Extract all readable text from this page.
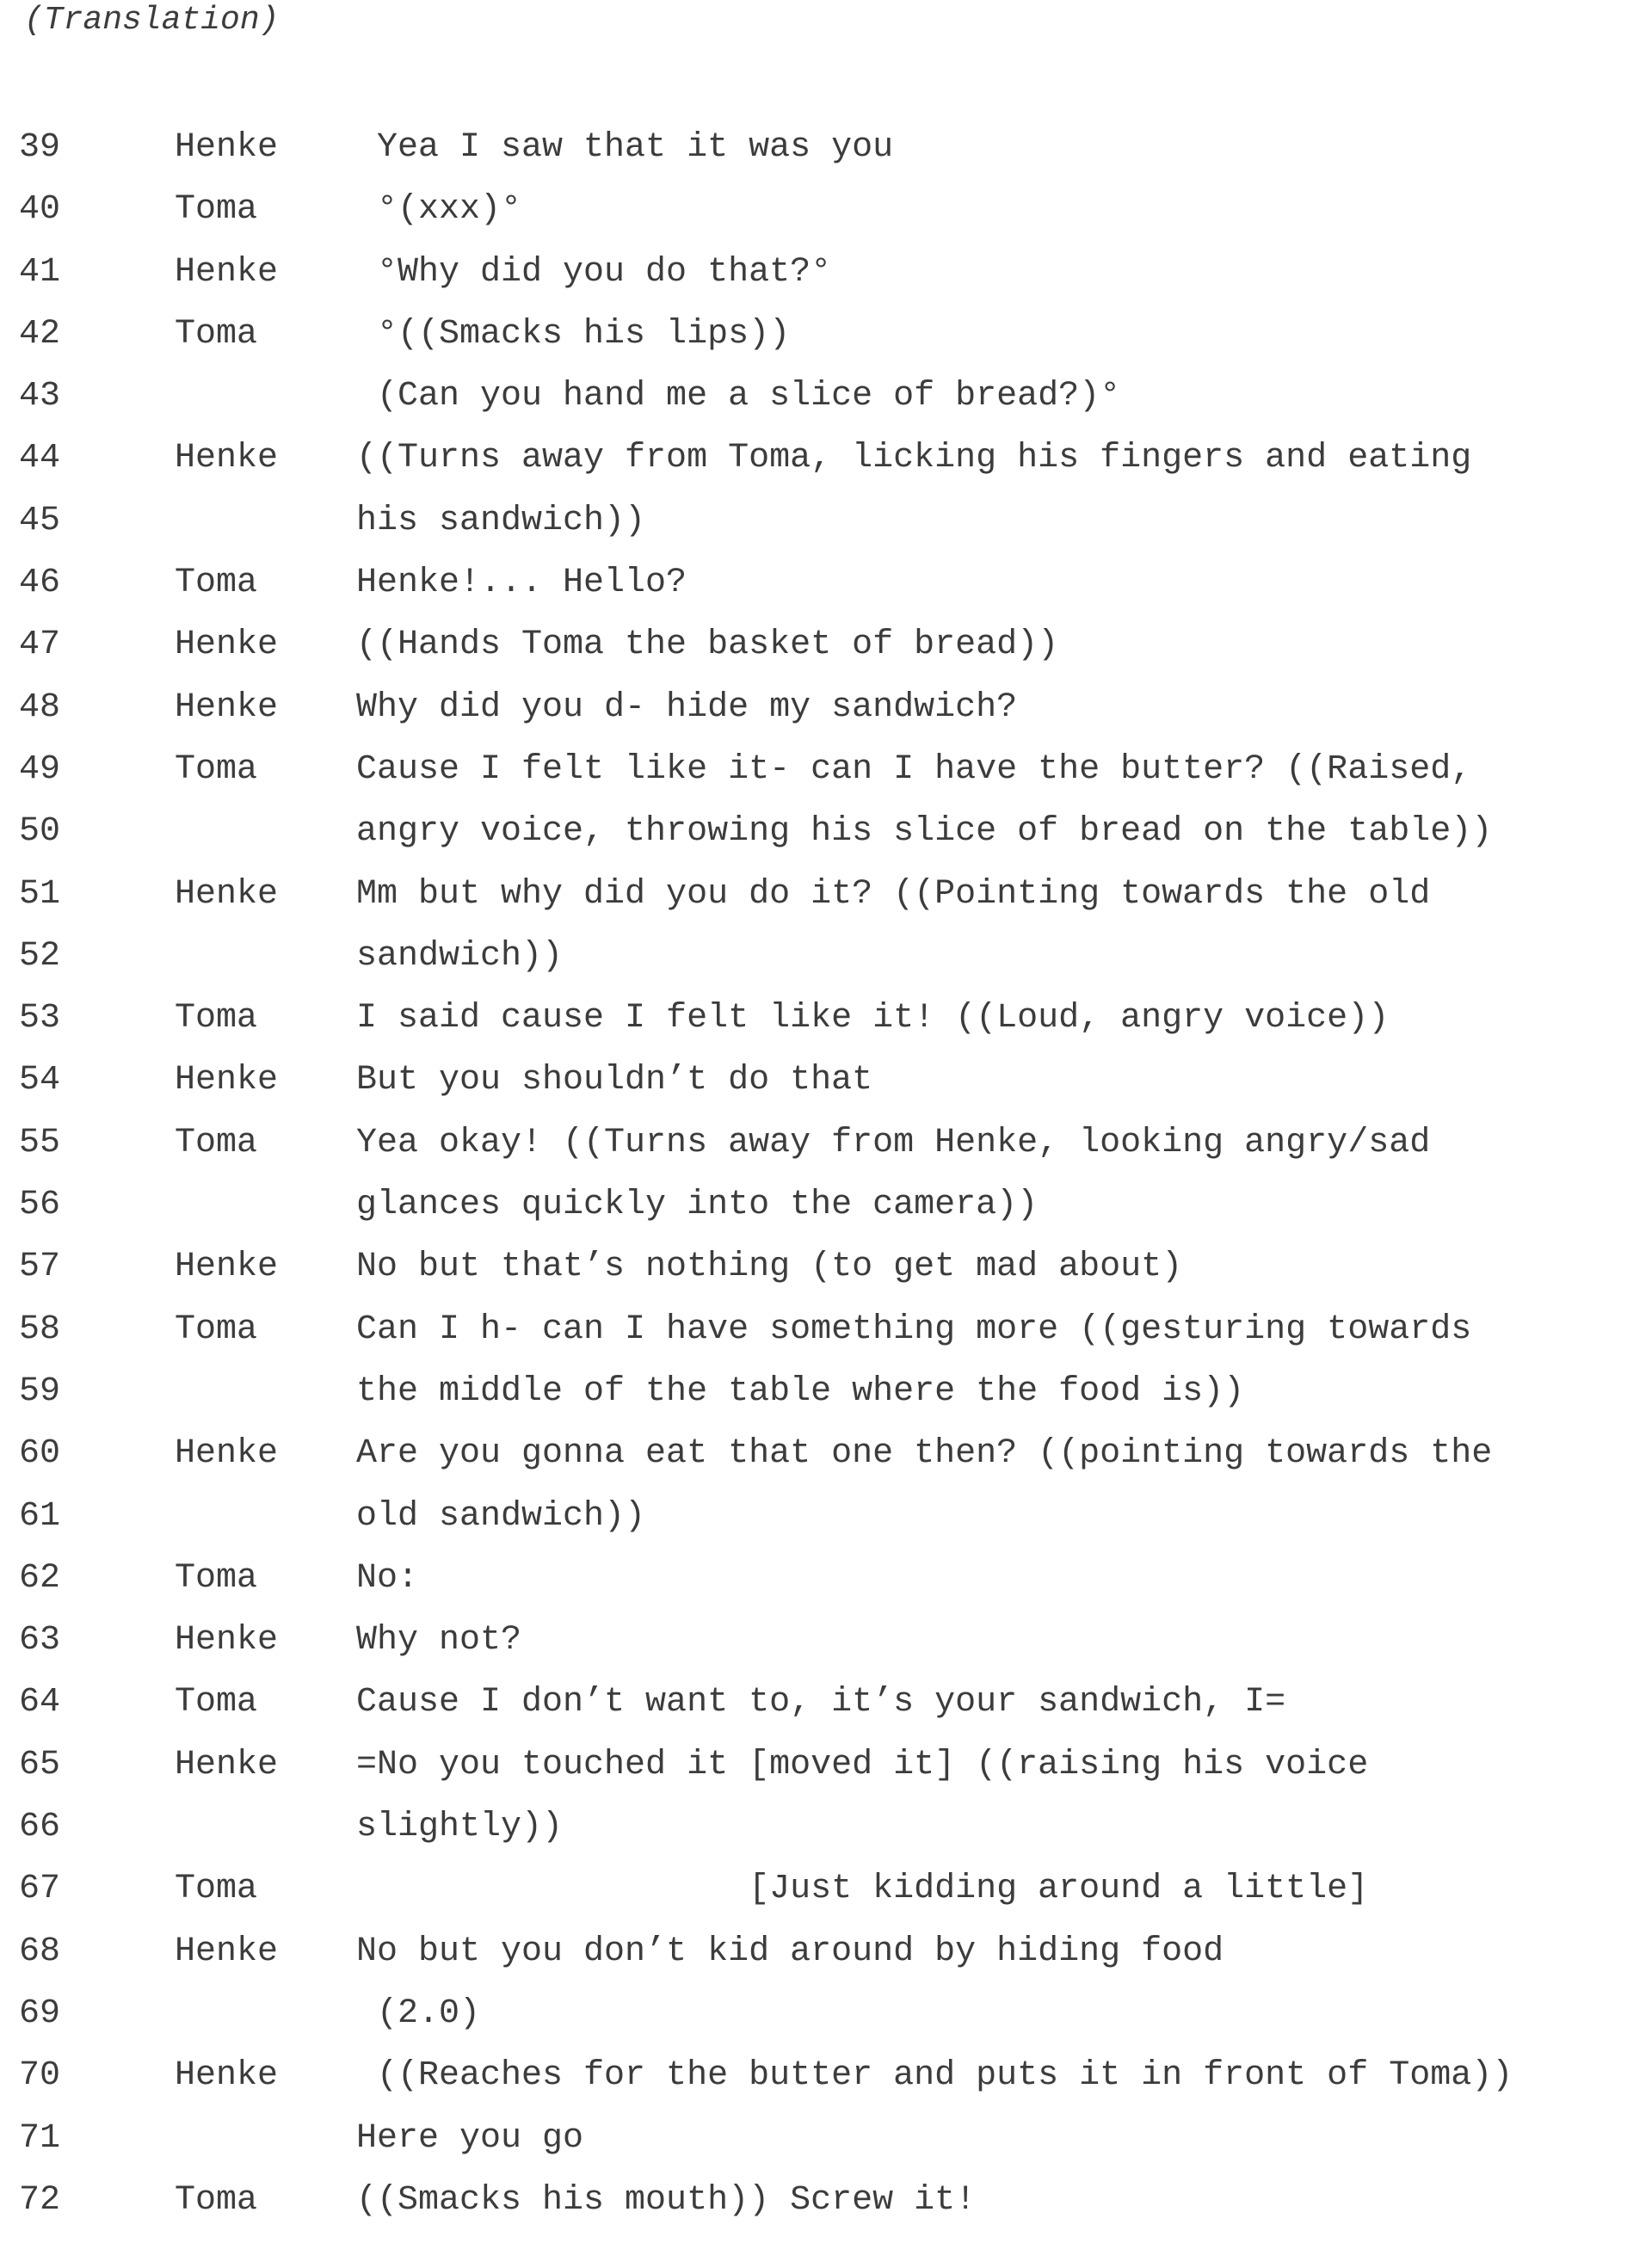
(Translation)
39	Henke Yea I saw that it was you
40	Toma	°(xxx)°
41	Henke °Why did you do that?°
42	Toma	°((Smacks his lips))
43	(Can you hand me a slice of bread?)°
44	Henke ((Turns away from Toma, licking his fingers and eating
45	his sandwich))
46	Toma	Henke!... Hello?
47	Henke ((Hands Toma the basket of bread))
48	Henke Why did you d- hide my sandwich?
49	Toma	Cause I felt like it- can I have the butter? ((Raised,
50	angry voice, throwing his slice of bread on the table))
51	Henke Mm but why did you do it? ((Pointing towards the old
52	sandwich))
53	Toma	I said cause I felt like it! ((Loud, angry voice))
54	Henke But you shouldn’t do that
55	Toma	Yea okay! ((Turns away from Henke, looking angry/sad
56	glances quickly into the camera))
57	Henke No but that’s nothing (to get mad about)
58	Toma	Can I h- can I have something more ((gesturing towards
59	the middle of the table where the food is))
60	Henke Are you gonna eat that one then? ((pointing towards the
61	old sandwich))
62	Toma	No:
63	Henke Why not?
64	Toma	Cause I don’t want to, it’s your sandwich, I=
65	Henke =No you touched it [moved it] ((raising his voice
66	slightly))
67	Toma	[Just kidding around a little]
68	Henke No but you don’t kid around by hiding food
69	(2.0)
70	Henke ((Reaches for the butter and puts it in front of Toma))
71	Here you go
72	Toma	((Smacks his mouth)) Screw it!
